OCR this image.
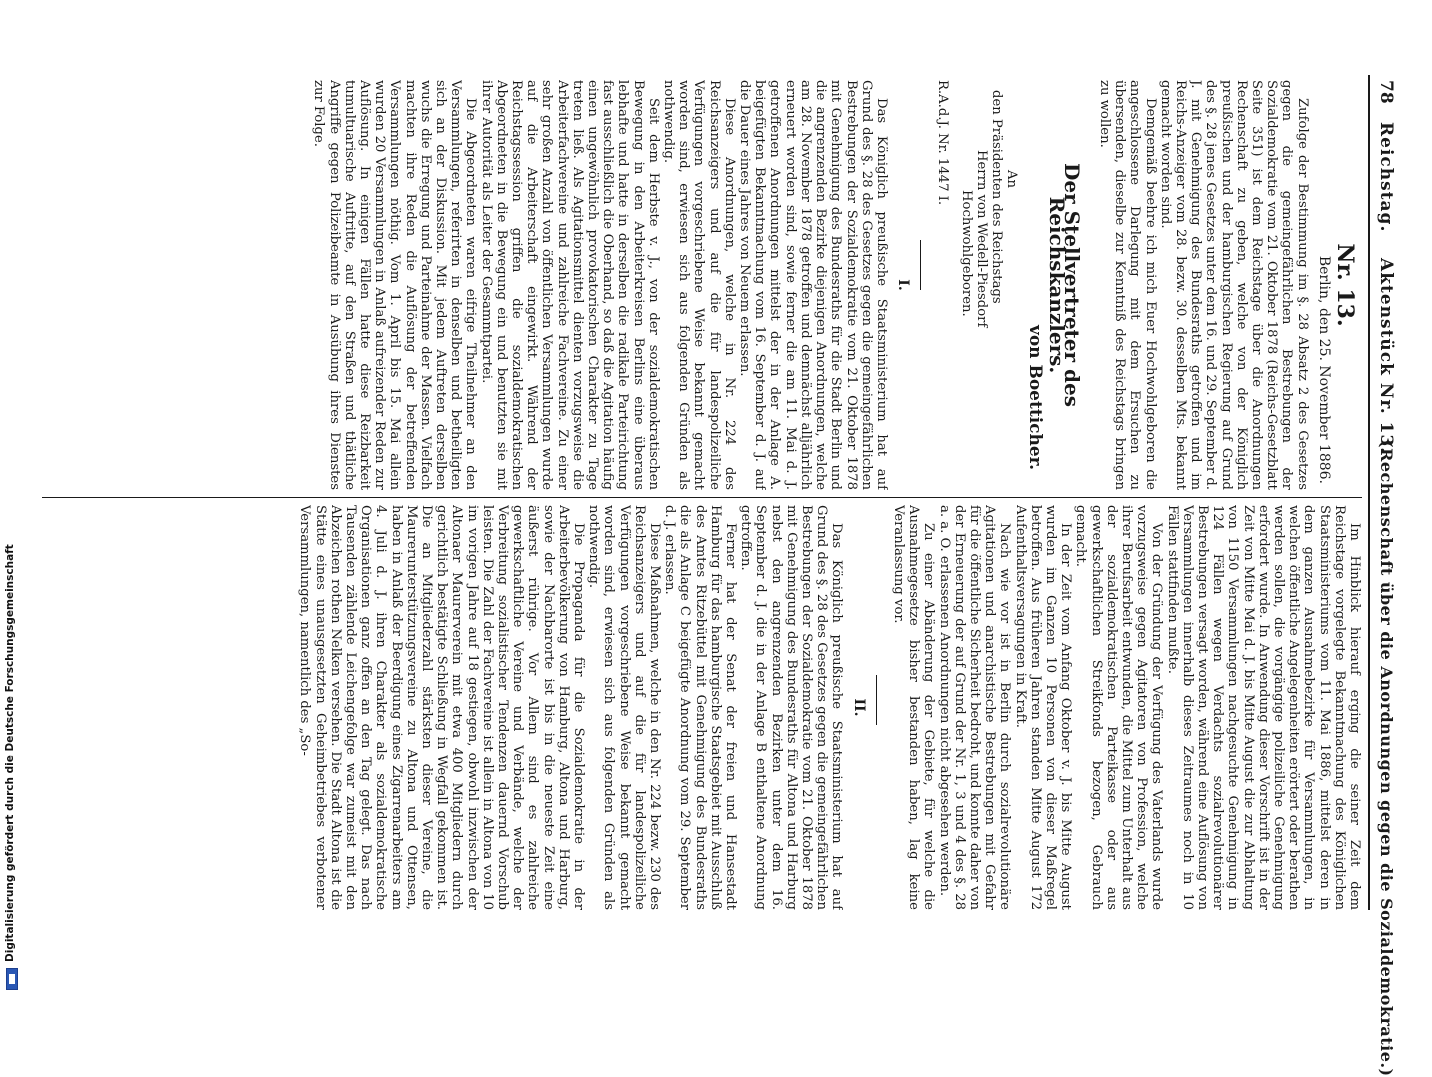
Digitalisierung gefördert durch die Deutsche Forschungsgemeinschaft
78
Reichstag.
Aktenstück Nr. 13.
(Rechenschaft über die Anordnungen gegen die Sozialdemokratie.)
Nr. 13.
Berlin, den 25. November 1886.

Zufolge der Bestimmung im §. 28 Absatz 2 des Gesetzes gegen die gemeingefährlichen Bestrebungen der Sozialdemokratie vom 21. Oktober 1878 (Reichs-Gesetzblatt Seite 351) ist dem Reichstage über die Anordnungen Rechenschaft zu geben, welche von der Königlich preußischen und der hamburgischen Regierung auf Grund des §. 28 jenes Gesetzes unter dem 16. und 29. September d. J. mit Genehmigung des Bundesraths getroffen und im Reichs-Anzeiger vom 28. bezw. 30. desselben Mts. bekannt gemacht worden sind.

Demgemäß beehre ich mich Euer Hochwohlgeboren die angeschlossene Darlegung mit dem Ersuchen zu übersenden, dieselbe zur Kenntniß des Reichstags bringen zu wollen.

Der Stellvertreter des Reichskanzlers.
von Boetticher.
An
den Präsidenten des Reichstags
Herrn von Wedell-Piesdorf
Hochwohlgeboren.
R.A.d.J. Nr. 1447 I.
I.

Das Königlich preußische Staatsministerium hat auf Grund des §. 28 des Gesetzes gegen die gemeingefährlichen Bestrebungen der Sozialdemokratie vom 21. Oktober 1878 mit Genehmigung des Bundesraths für die Stadt Berlin und die angrenzenden Bezirke diejenigen Anordnungen, welche am 28. November 1878 getroffen und demnächst alljährlich erneuert worden sind, sowie ferner die am 11. Mai d. J. getroffenen Anordnungen mittelst der in der Anlage A. beigefügten Bekanntmachung vom 16. September d. J. auf die Dauer eines Jahres von Neuem erlassen.

Diese Anordnungen, welche in Nr. 224 des Reichsanzeigers und auf die für landespolizeiliche Verfügungen vorgeschriebene Weise bekannt gemacht worden sind, erwiesen sich aus folgenden Gründen als nothwendig.

Seit dem Herbste v. J., von der sozialdemokratischen Bewegung in den Arbeiterkreisen Berlins eine überaus lebhafte und hatte in derselben die radikale Parteirichtung fast ausschließlich die Oberhand, so daß die Agitation häufig einen ungewöhnlich provokatorischen Charakter zu Tage treten ließ. Als Agitationsmittel dienten vorzugsweise die Arbeiterfachvereine und zahlreiche Fachvereine. Zu einer sehr großen Anzahl von öffentlichen Versammlungen wurde auf die Arbeiterschaft eingewirkt. Während der Reichstagssession griffen die sozialdemokratischen Abgeordneten in die Bewegung ein und benutzten sie mit ihrer Autorität als Leiter der Gesammtpartei.

Die Abgeordneten waren eifrige Theilnehmer an den Versammlungen, referirten in denselben und betheiligten sich an der Diskussion. Mit jedem Auftreten derselben wuchs die Erregung und Parteinahme der Massen. Vielfach machten ihre Reden die Auflösung der betreffenden Versammlungen nöthig. Vom 1. April bis 15. Mai allein wurden 20 Versammlungen in Anlaß aufreizender Reden zur Auflösung. In einigen Fällen hatte diese Reizbarkeit tumultuarische Auftritte, auf den Straßen und thätliche Angriffe gegen Polizeibeamte in Ausübung ihres Dienstes zur Folge.

Im Hinblick hierauf erging die seiner Zeit dem Reichstage vorgelegte Bekanntmachung des Königlichen Staatsministeriums vom 11. Mai 1886, mittelst deren in dem ganzen Ausnahmebezirke für Versammlungen, in welchen öffentliche Angelegenheiten erörtert oder berathen werden sollen, die vorgängige polizeiliche Genehmigung erfordert wurde. In Anwendung dieser Vorschrift ist in der Zeit von Mitte Mai d. J. bis Mitte August die zur Abhaltung von 1150 Versammlungen nachgesuchte Genehmigung in 124 Fällen wegen Verdachts sozialrevolutionärer Bestrebungen versagt worden, während eine Auflösung von Versammlungen innerhalb dieses Zeitraumes noch in 10 Fällen stattfinden mußte.

Von der Gründung der Verfügung des Vaterlands wurde vorzugsweise gegen Agitatoren von Profession, welche ihrer Berufsarbeit entwunden, die Mittel zum Unterhalt aus der sozialdemokratischen Parteikasse oder aus gewerkschaftlichen Streikfonds bezogen, Gebrauch gemacht.

In der Zeit vom Anfang Oktober v. J. bis Mitte August wurden im Ganzen 10 Personen von dieser Maßregel betroffen. Aus früheren Jahren standen Mitte August 172 Aufenthaltsversagungen in Kraft.

Nach wie vor ist in Berlin durch sozialrevolutionäre Agitationen und anarchistische Bestrebungen mit Gefahr für die öffentliche Sicherheit bedroht, und konnte daher von der Erneuerung der auf Grund der Nr. 1, 3 und 4 des §. 28 a. a. O. erlassenen Anordnungen nicht abgesehen werden.

Zu einer Abänderung der Gebiete, für welche die Ausnahmegesetze bisher bestanden haben, lag keine Veranlassung vor.

II.

Das Königlich preußische Staatsministerium hat auf Grund des §. 28 des Gesetzes gegen die gemeingefährlichen Bestrebungen der Sozialdemokratie vom 21. Oktober 1878 mit Genehmigung des Bundesraths für Altona und Harburg nebst den angrenzenden Bezirken unter dem 16. September d. J. die in der Anlage B enthaltene Anordnung getroffen.

Ferner hat der Senat der freien und Hansestadt Hamburg für das hamburgische Staatsgebiet mit Ausschluß des Amtes Ritzebüttel mit Genehmigung des Bundesraths die als Anlage C beigefügte Anordnung vom 29. September d. J. erlassen.

Diese Maßnahmen, welche in den Nr. 224 bezw. 230 des Reichsanzeigers und auf die für landespolizeiliche Verfügungen vorgeschriebene Weise bekannt gemacht worden sind, erwiesen sich aus folgenden Gründen als nothwendig.

Die Propaganda für die Sozialdemokratie in der Arbeiterbevölkerung von Hamburg, Altona und Harburg, sowie der Nachbarorte ist bis in die neueste Zeit eine äußerst rührige. Vor Allem sind es zahlreiche gewerkschaftliche Vereine und Verbände, welche der Verbreitung sozialistischer Tendenzen dauernd Vorschub leisten. Die Zahl der Fachvereine ist allein in Altona von 10 im vorigen Jahre auf 18 gestiegen, obwohl inzwischen der Altonaer Maurerverein mit etwa 400 Mitgliedern durch gerichtlich bestätigte Schließung in Wegfall gekommen ist. Die an Mitgliederzahl stärksten dieser Vereine, die Maurerunterstützungsvereine zu Altona und Ottensen, haben in Anlaß der Beerdigung eines Zigarrenarbeiters am 4. Juli d. J. ihren Charakter als sozialdemokratische Organisationen ganz offen an den Tag gelegt. Das nach Tausenden zählende Leichengefolge war zumeist mit den Abzeichen rothen Nelken versehen. Die Stadt Altona ist die Stätte eines unausgesetzten Geheimbetriebes verbotener Versammlungen, namentlich des „So-
